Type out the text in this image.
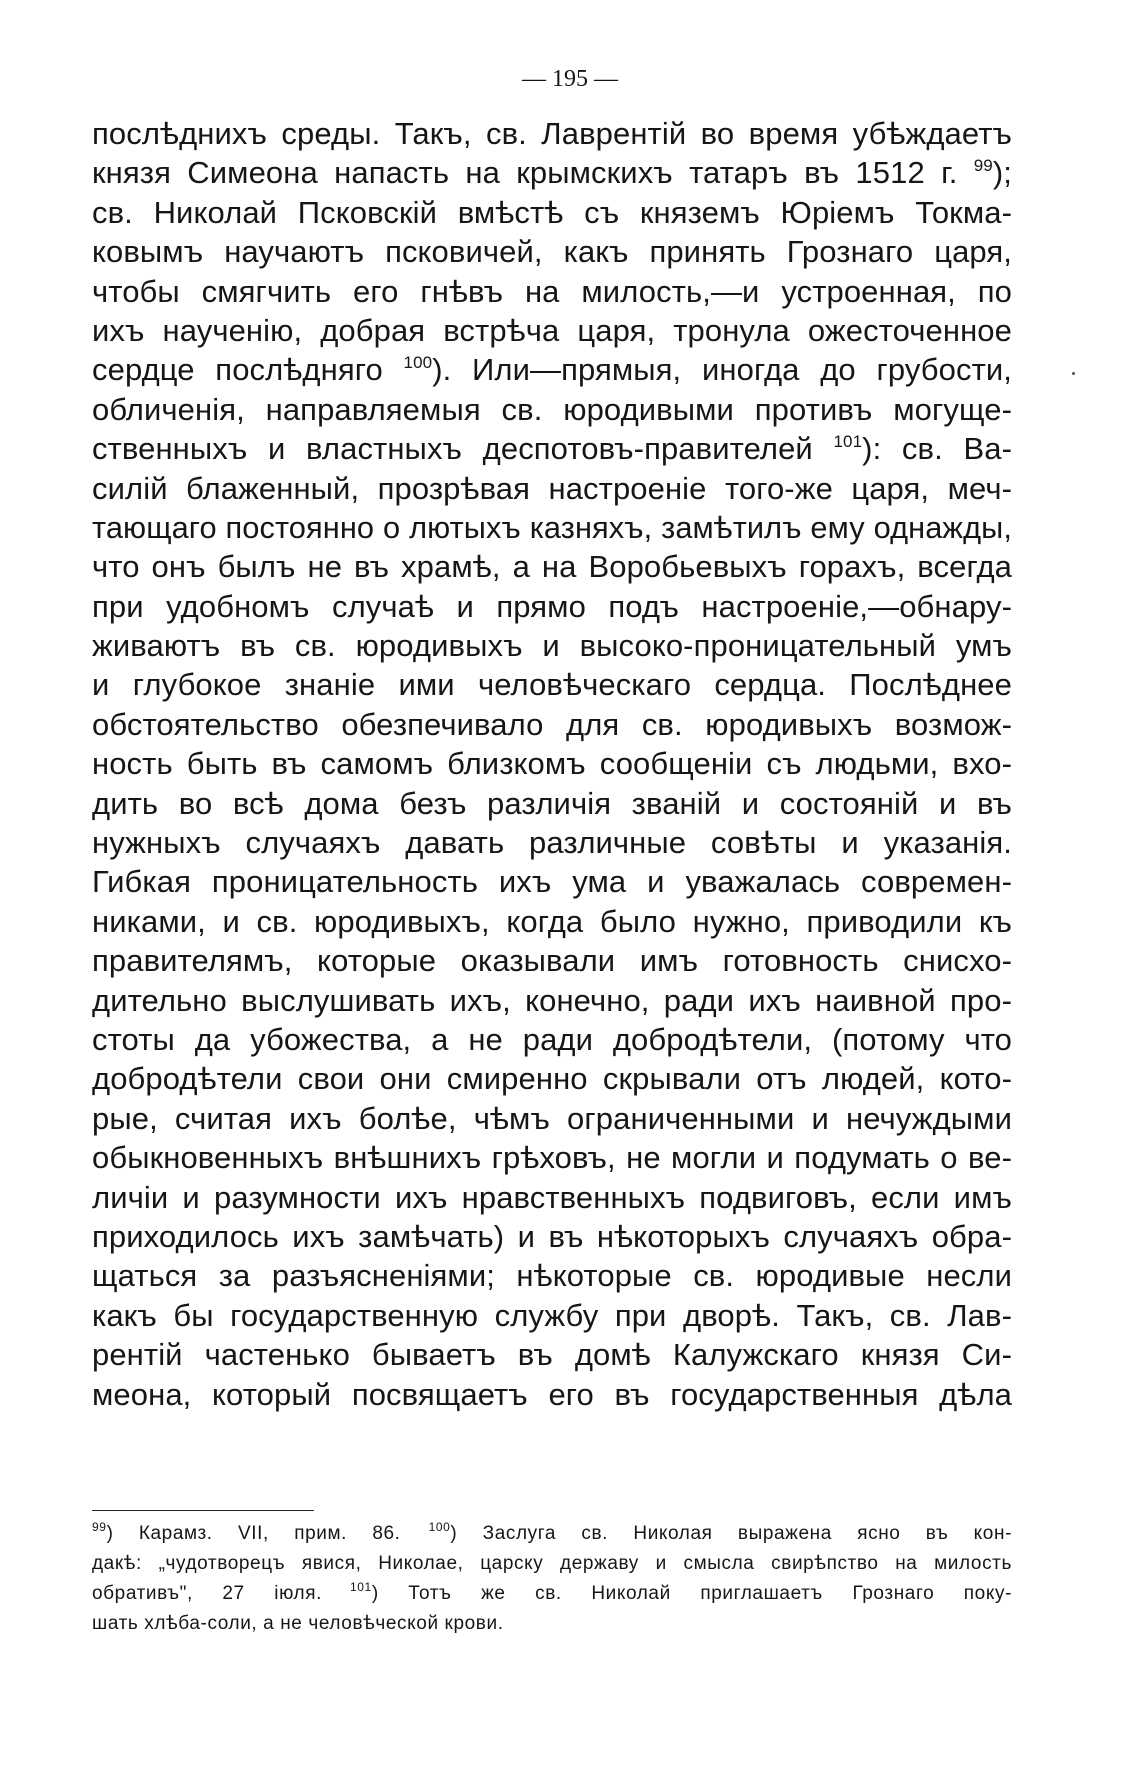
— 195 —
послѣднихъ среды. Такъ, св. Лаврентій во время убѣждаетъ
князя Симеона напасть на крымскихъ татаръ въ 1512 г. $^{99}$);
св. Николай Псковскій вмѣстѣ съ княземъ Юріемъ Токма-
ковымъ научаютъ псковичей, какъ принять Грознаго царя,
чтобы смягчить его гнѣвъ на милость,—и устроенная, по
ихъ наученію, добрая встрѣча царя, тронула ожесточенное
сердце послѣдняго $^{100}$). Или—прямыя, иногда до грубости,
обличенія, направляемыя св. юродивыми противъ могуще-
ственныхъ и властныхъ деспотовъ-правителей $^{101}$): св. Ва-
силій блаженный, прозрѣвая настроеніе того-же царя, меч-
тающаго постоянно о лютыхъ казняхъ, замѣтилъ ему однажды,
что онъ былъ не въ храмѣ, а на Воробьевыхъ горахъ, всегда
при удобномъ случаѣ и прямо подъ настроеніе,—обнару-
живаютъ въ св. юродивыхъ и высоко-проницательный умъ
и глубокое знаніе ими человѣческаго сердца. Послѣднее
обстоятельство обезпечивало для св. юродивыхъ возмож-
ность быть въ самомъ близкомъ сообщеніи съ людьми, вхо-
дить во всѣ дома безъ различія званій и состояній и въ
нужныхъ случаяхъ давать различные совѣты и указанія.
Гибкая проницательность ихъ ума и уважалась современ-
никами, и св. юродивыхъ, когда было нужно, приводили къ
правителямъ, которые оказывали имъ готовность снисхо-
дительно выслушивать ихъ, конечно, ради ихъ наивной про-
стоты да убожества, а не ради добродѣтели, (потому что
добродѣтели свои они смиренно скрывали отъ людей, кото-
рые, считая ихъ болѣе, чѣмъ ограниченными и нечуждыми
обыкновенныхъ внѣшнихъ грѣховъ, не могли и подумать о ве-
личіи и разумности ихъ нравственныхъ подвиговъ, если имъ
приходилось ихъ замѣчать) и въ нѣкоторыхъ случаяхъ обра-
щаться за разъясненіями; нѣкоторые св. юродивые несли
какъ бы государственную службу при дворѣ. Такъ, св. Лав-
рентій частенько бываетъ въ домѣ Калужскаго князя Си-
меона, который посвящаетъ его въ государственныя дѣла
$^{99}$) Карамз. VII, прим. 86. $^{100}$) Заслуга св. Николая выражена ясно въ кон-
дакѣ: „чудотворецъ явися, Николае, царску державу и смысла свирѣпство на милость
обративъ", 27 іюля. $^{101}$) Тотъ же св. Николай приглашаетъ Грознаго поку-
шать хлѣба-соли, а не человѣческой крови.
